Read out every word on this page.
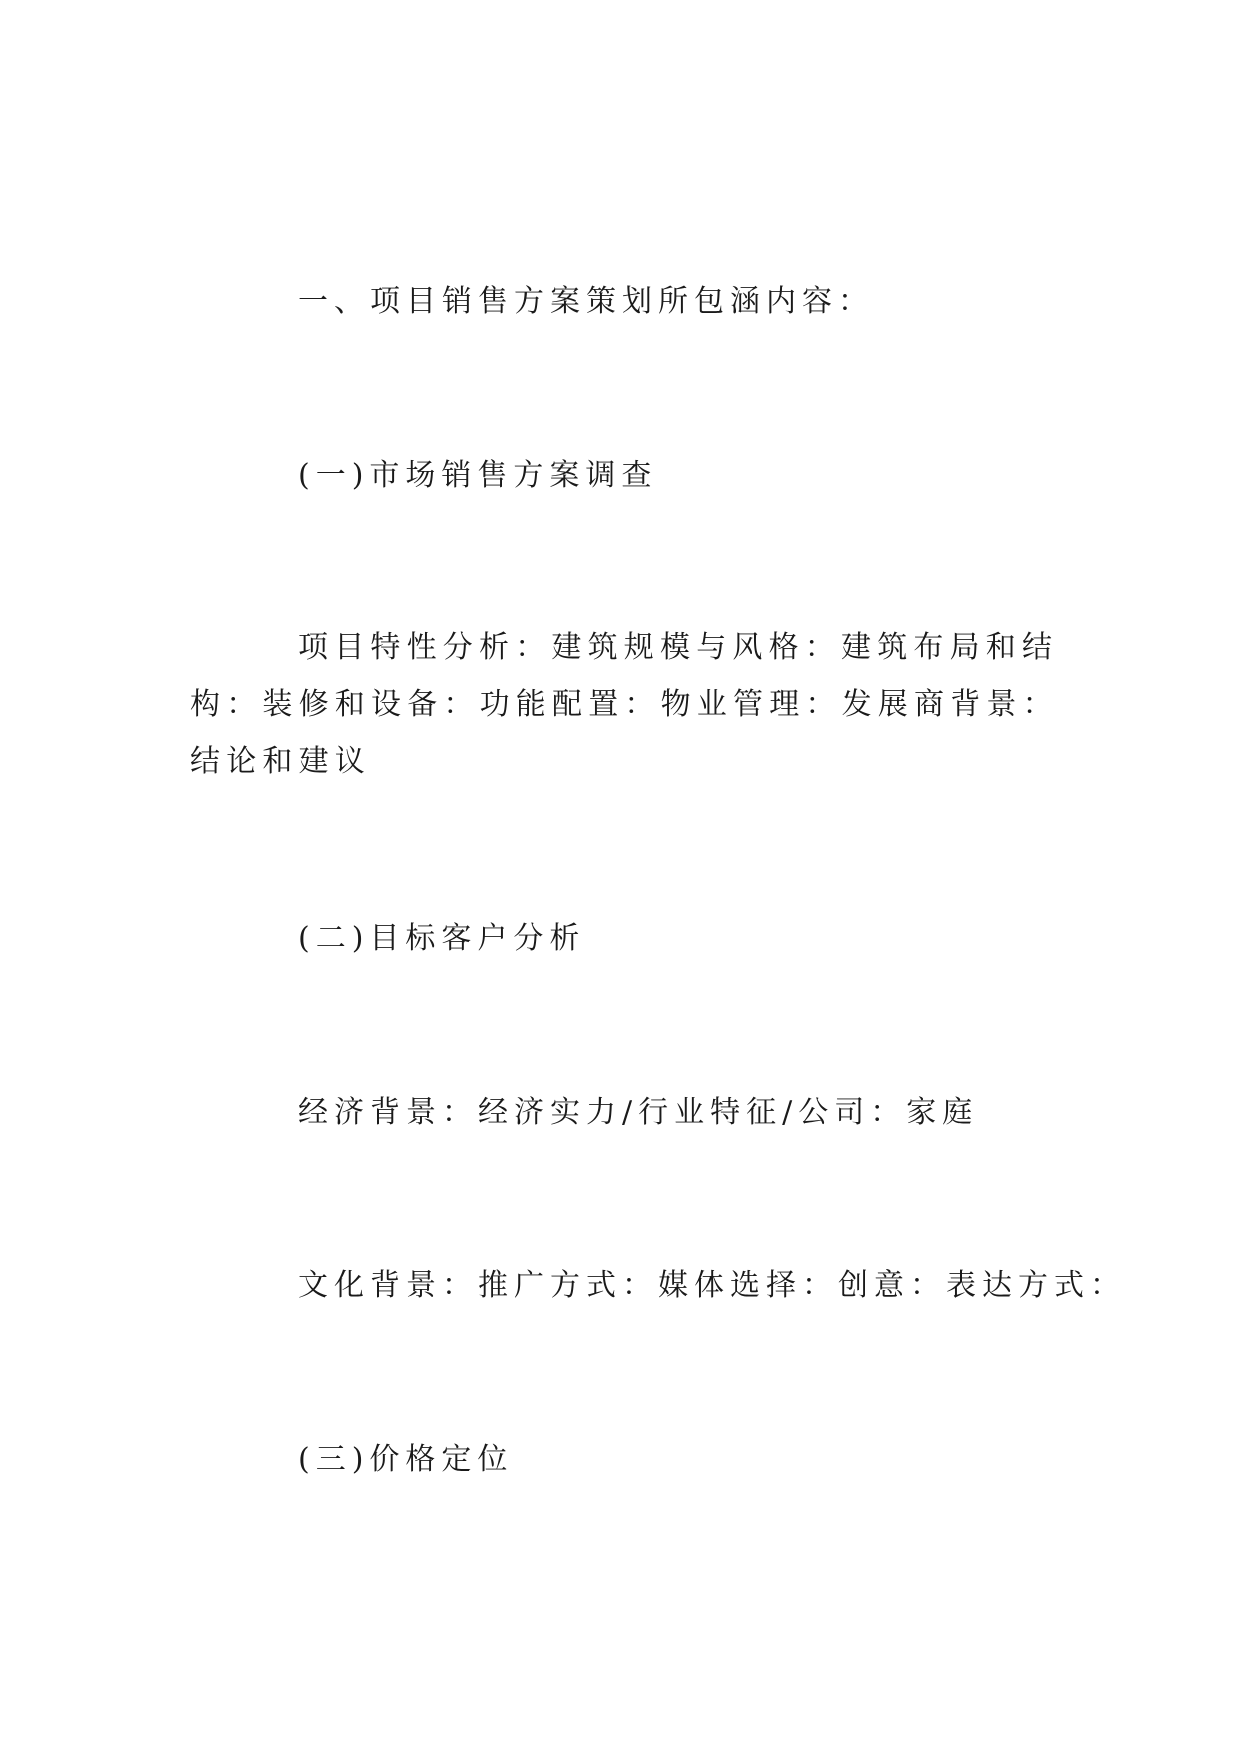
一、项目销售方案策划所包涵内容：
(一)市场销售方案调查
项目特性分析：建筑规模与风格：建筑布局和结构：装修和设备：功能配置：物业管理：发展商背景：结论和建议
(二)目标客户分析
经济背景：经济实力/行业特征/公司：家庭
文化背景：推广方式：媒体选择：创意：表达方式：
(三)价格定位
